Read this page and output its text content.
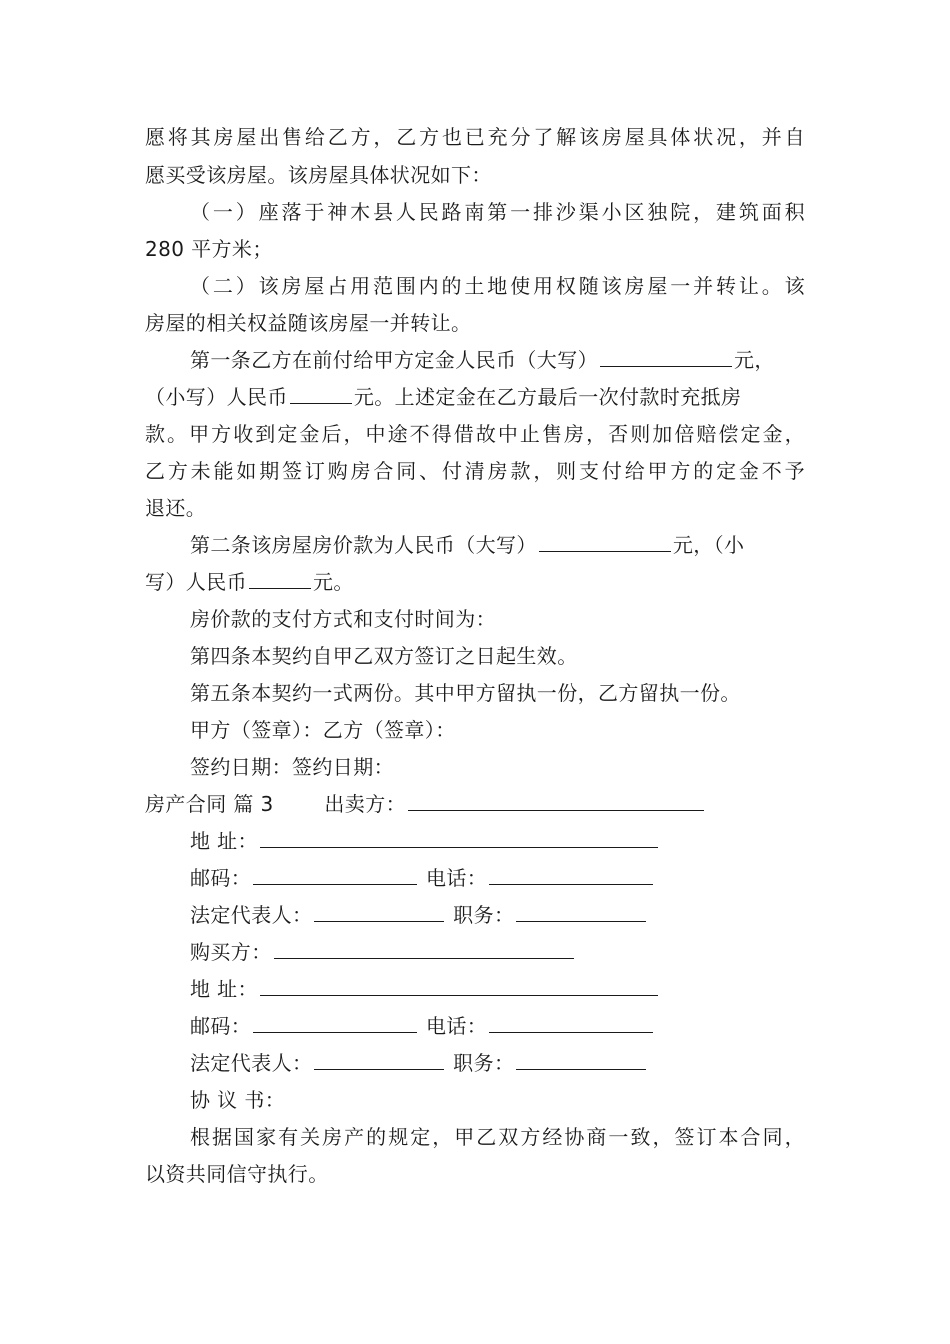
愿将其房屋出售给乙方，乙方也已充分了解该房屋具体状况，并自
愿买受该房屋。该房屋具体状况如下：
（一）座落于神木县人民路南第一排沙渠小区独院，建筑面积
280 平方米；
（二）该房屋占用范围内的土地使用权随该房屋一并转让。该
房屋的相关权益随该房屋一并转让。
第一条乙方在前付给甲方定金人民币（大写）	元，
（小写）人民币	元。上述定金在乙方最后一次付款时充抵房
款。甲方收到定金后，中途不得借故中止售房，否则加倍赔偿定金，
乙方未能如期签订购房合同、付清房款，则支付给甲方的定金不予
退还。
第二条该房屋房价款为人民币（大写）	元，（小
写）人民币	元。
房价款的支付方式和支付时间为：
第四条本契约自甲乙双方签订之日起生效。
第五条本契约一式两份。其中甲方留执一份，乙方留执一份。
甲方（签章）：乙方（签章）：
签约日期：签约日期：
房产合同 篇 3	出卖方：
地 址：
邮码：	电话：
法定代表人：	职务：
购买方：
地 址：
邮码：	电话：
法定代表人：	职务：
协 议 书：
根据国家有关房产的规定，甲乙双方经协商一致，签订本合同，
以资共同信守执行。
